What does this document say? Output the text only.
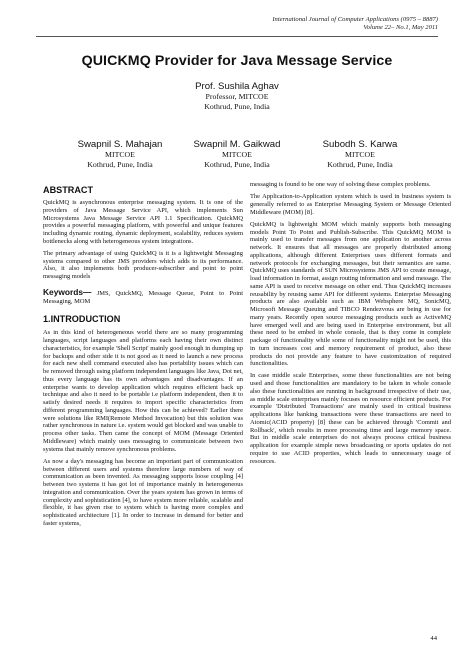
International Journal of Computer Applications (0975 – 8887)
Volume 22– No.1, May 2011
QUICKMQ Provider for Java Message Service
Prof. Sushila Aghav
Professor, MITCOE
Kothrud, Pune, India
Swapnil S. Mahajan
MITCOE
Kothrud, Pune, India
Swapnil M. Gaikwad
MITCOE
Kothrud, Pune, India
Subodh S. Karwa
MITCOE
Kothrud, Pune, India
ABSTRACT

QuickMQ is asynchronous enterprise messaging system. It is one of the providers of Java Message Service API, which implements Sun Microsystems Java Message Service API 1.1 Specification. QuickMQ provides a powerful messaging platform, with powerful and unique features including dynamic routing, dynamic deployment, scalability, reduces system bottlenecks along with heterogeneous system integrations.

The primary advantage of using QuickMQ is it is a lightweight Messaging systems compared to other JMS providers which adds to its performance. Also, it also implements both producer-subscriber and point to point messaging models

Keywords— JMS, QuickMQ, Message Queue, Point to Point Messaging, MOM

1.INTRODUCTION

As in this kind of heterogeneous world there are so many programming languages, script languages and platforms each having their own distinct characteristics, for example 'Shell Script' mainly good enough in dumping up for backups and other side it is not good as it need to launch a new process for each new shell command executed also has portability issues which can be removed through using platform independent languages like Java, Dot net, thus every language has its own advantages and disadvantages. If an enterprise wants to develop application which requires efficient back up technique and also it need to be portable i.e platform independent, then it to satisfy desired needs it requires to import specific characteristics from different programming languages. How this can be achieved? Earlier there were solutions like RMI(Remote Method Invocation) but this solution was rather synchronous in nature i.e. system would get blocked and was unable to process other tasks. Then came the concept of MOM (Message Oriented Middleware) which mainly uses messaging to communicate between two systems that mainly remove synchronous problems.

As now a day's messaging has become an important part of communication between different users and systems therefore large numbers of way of communication as been invented. As messaging supports loose coupling [4] between two systems it has got lot of importance mainly in heterogeneous integration and communication. Over the years system has grown in terms of complexity and sophistication [4], to have system more reliable, scalable and flexible, it has given rise to system which is having more complex and sophisticated architecture [1]. In order to increase in demand for better and faster systems,

messaging is found to be one way of solving these complex problems.

The Application-to-Application system which is used in business system is generally referred to as Enterprise Messaging System or Message Oriented Middleware (MOM) [8].

QuickMQ is lightweight MOM which mainly supports both messaging models Point To Point and Publish-Subscribe. This QuickMQ MOM is mainly used to transfer messages from one application to another across network. It ensures that all messages are properly distributed among applications, although different Enterprises uses different formats and network protocols for exchanging messages, but their semantics are same. QuickMQ uses standards of SUN Microsystems JMS API to create message, load information in format, assign routing information and send message. The same API is used to receive message on other end. Thus QuickMQ increases reusability by reusing same API for different systems. Enterprise Messaging products are also available such as IBM Websphere MQ, SonicMQ, Microsoft Message Queuing and TIBCO Rendezvous are being in use for many years. Recently open source messaging products such as ActiveMQ have emerged well and are being used in Enterprise environment, but all these need to be embed in whole console, that is they come in complete package of functionality while some of functionality might not be used, this in turn increases cost and memory requirement of product, also these products do not provide any feature to have customization of required functionalities.

In case middle scale Enterprises, some these functionalities are not being used and those functionalities are mandatory to be taken in whole console also these functionalities are running in background irrespective of their use, as middle scale enterprises mainly focuses on resource efficient products. For example 'Distributed Transactions' are mainly used in critical business applications like banking transactions were these transactions are need to Atomic(ACID property) [8] these can be achieved through 'Commit and Rollback', which results in more processing time and large memory space. But in middle scale enterprises do not always process critical business application for example simple news broadcasting or sports updates do not require to use ACID properties, which leads to unnecessary usage of resources.

44
